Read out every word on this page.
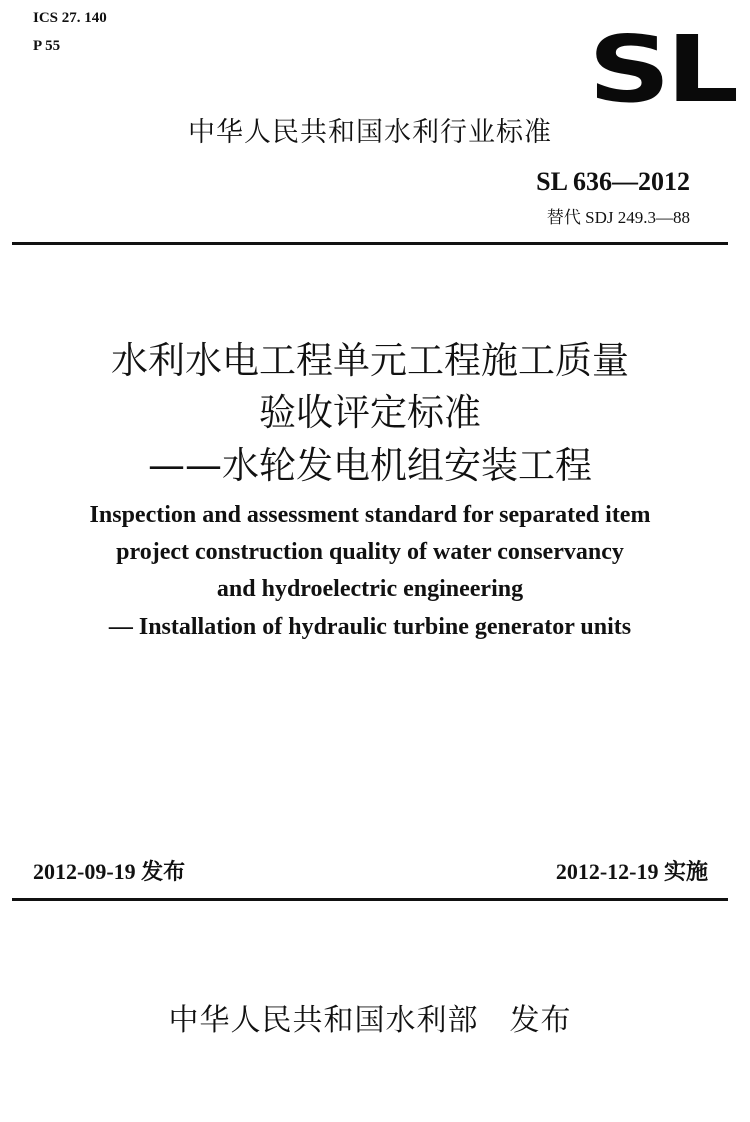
ICS 27. 140
P 55	SL
中华人民共和国水利行业标准
SL 636—2012
替代 SDJ 249.3—88
水利水电工程单元工程施工质量
验收评定标准
——水轮发电机组安装工程
Inspection and assessment standard for separated item
project construction quality of water conservancy
and hydroelectric engineering
— Installation of hydraulic turbine generator units
2012-09-19 发布	2012-12-19 实施
中华人民共和国水利部　发布
